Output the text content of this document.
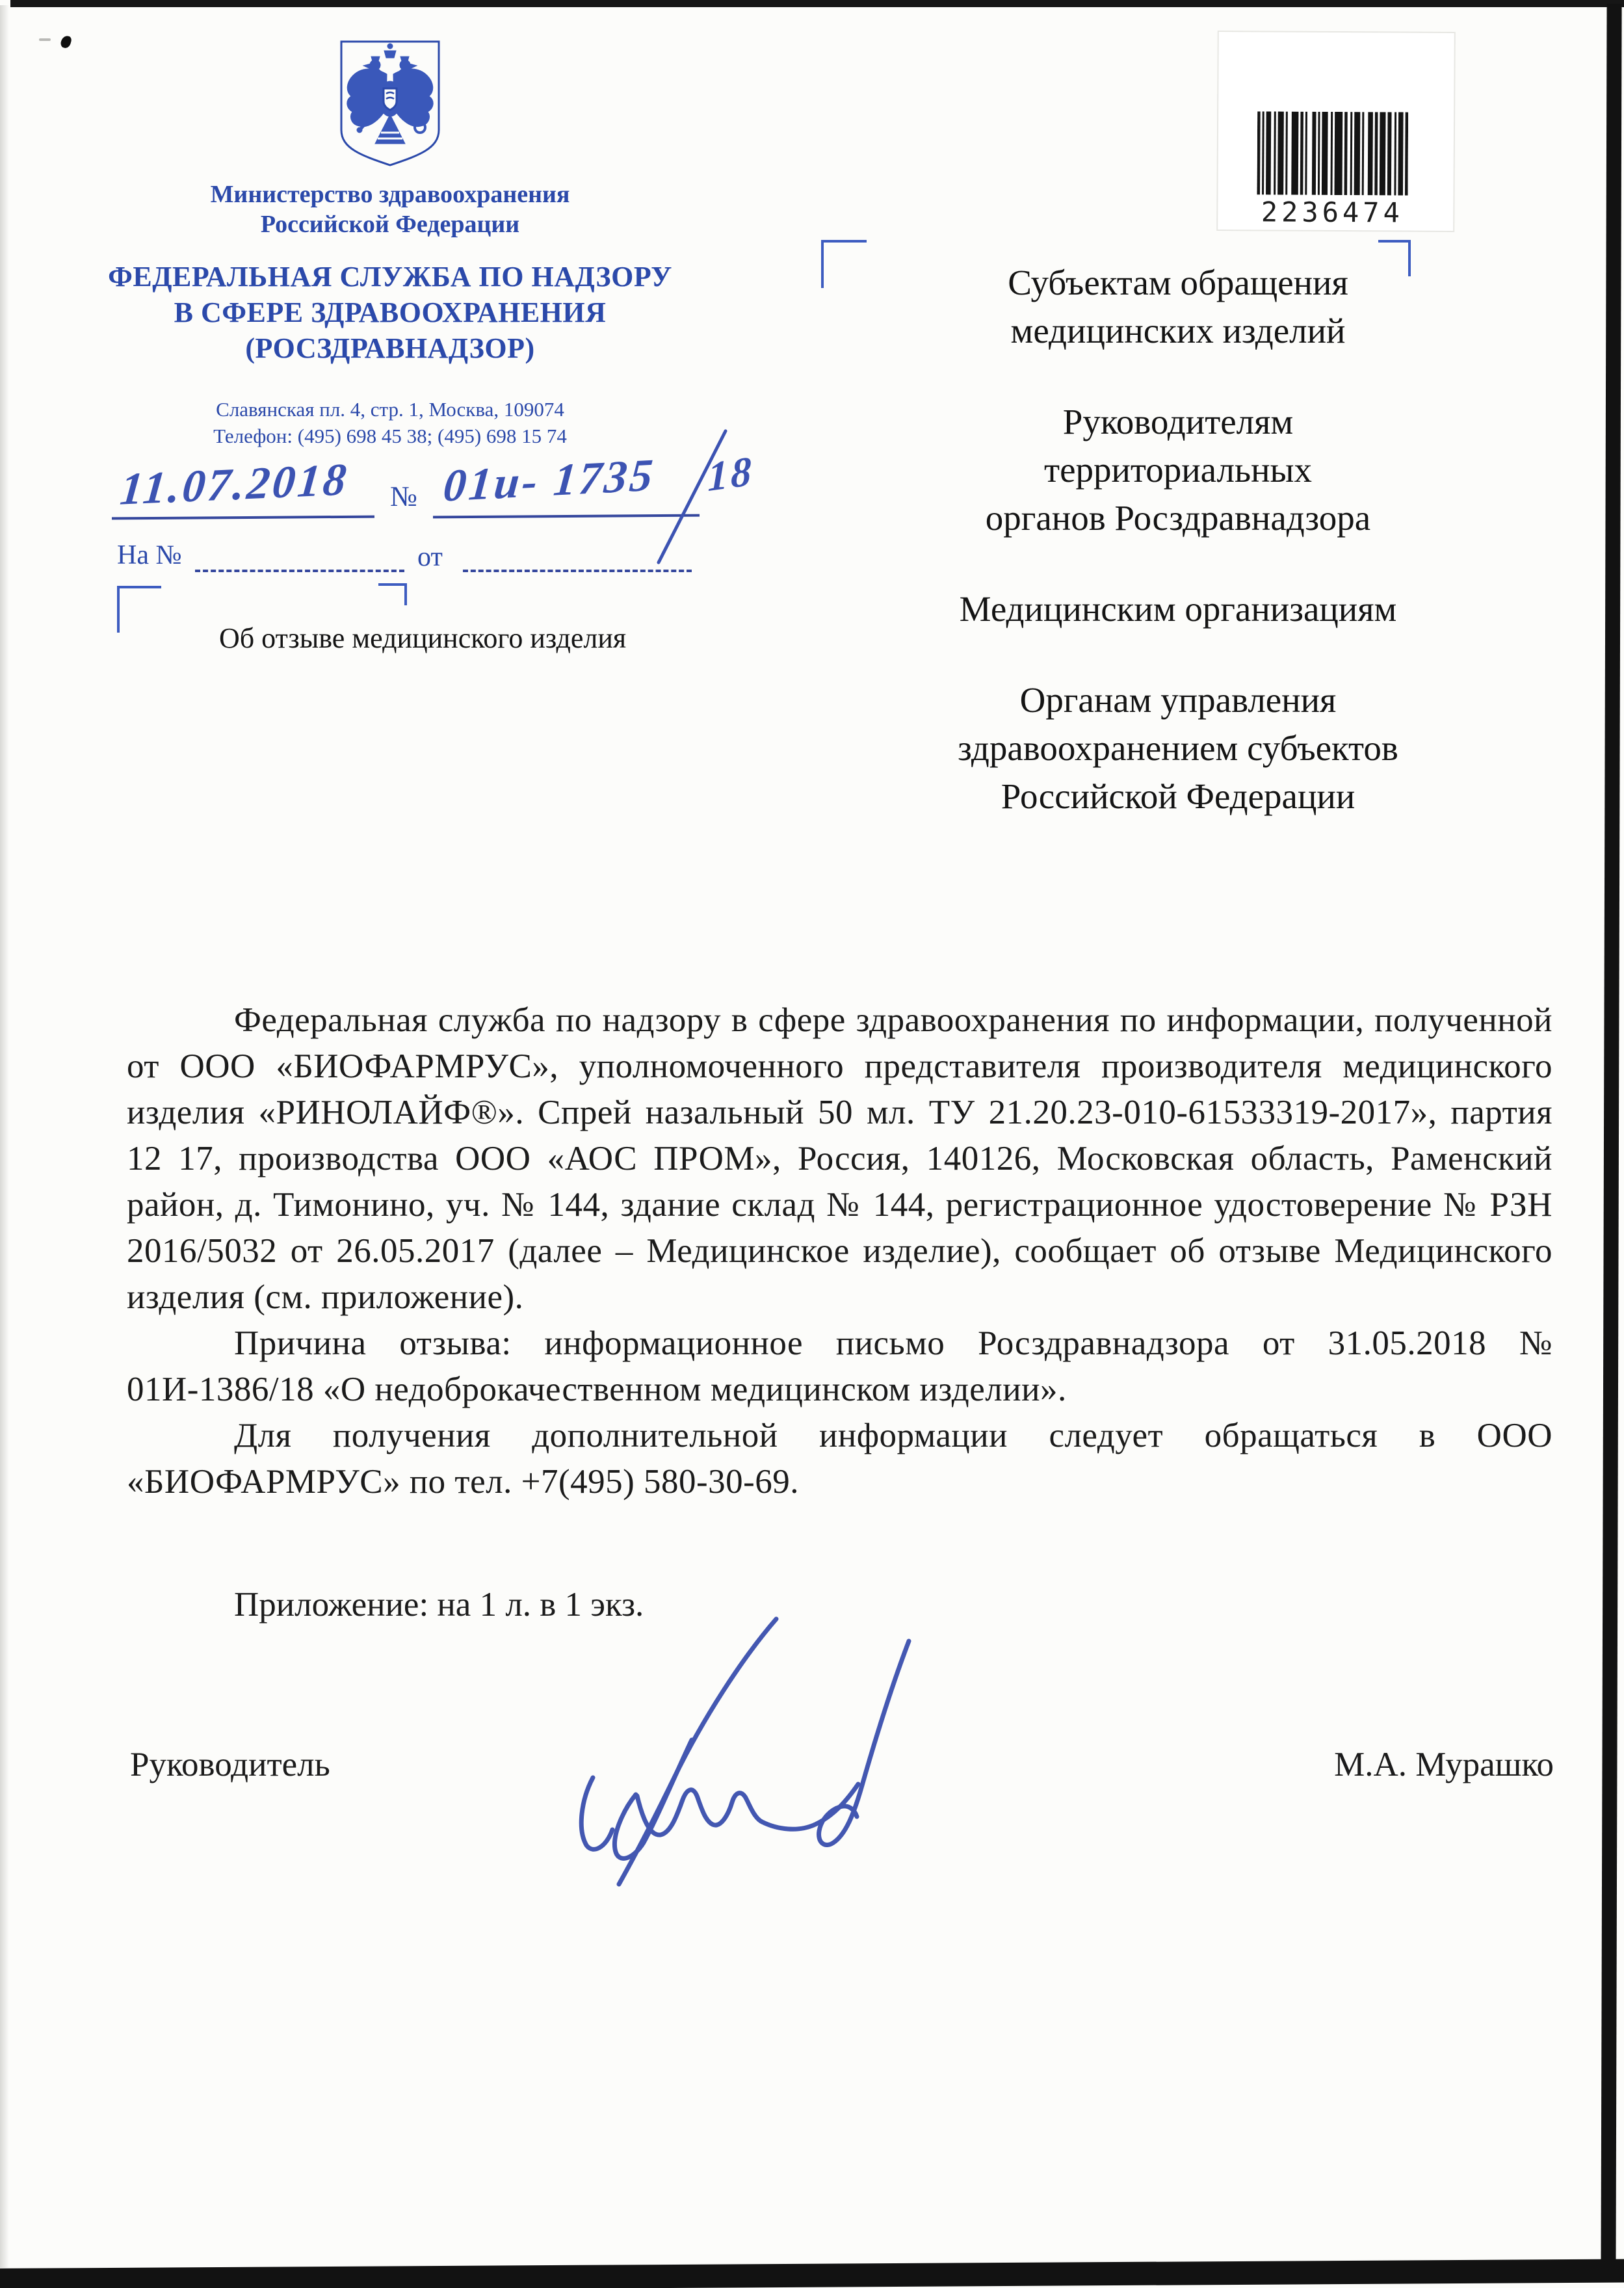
Министерство здравоохранения
Российской Федерации
ФЕДЕРАЛЬНАЯ СЛУЖБА ПО НАДЗОРУ
В СФЕРЕ ЗДРАВООХРАНЕНИЯ
(РОСЗДРАВНАДЗОР)
Славянская пл. 4, стр. 1, Москва, 109074
Телефон: (495) 698 45 38; (495) 698 15 74
11.07.2018 № 01и- 1735 18
На №	от
Об отзыве медицинского изделия
2236474
Субъектам обращения
медицинских изделий
Руководителям
территориальных
органов Росздравнадзора
Медицинским организациям
Органам управления
здравоохранением субъектов
Российской Федерации

Федеральная служба по надзору в сфере здравоохранения по информации, полученной от ООО «БИОФАРМРУС», уполномоченного представителя производителя медицинского изделия «РИНОЛАЙФ®». Спрей назальный 50 мл. ТУ 21.20.23-010-61533319-2017», партия 12 17, производства ООО «АОС ПРОМ», Россия, 140126, Московская область, Раменский район, д. Тимонино, уч. № 144, здание склад № 144, регистрационное удостоверение № РЗН 2016/5032 от 26.05.2017 (далее – Медицинское изделие), сообщает об отзыве Медицинского изделия (см. приложение).

Причина отзыва: информационное письмо Росздравнадзора от 31.05.2018 № 01И-1386/18 «О недоброкачественном медицинском изделии».

Для получения дополнительной информации следует обращаться в ООО «БИОФАРМРУС» по тел. +7(495) 580-30-69.

Приложение: на 1 л. в 1 экз.
Руководитель	М.А. Мурашко
